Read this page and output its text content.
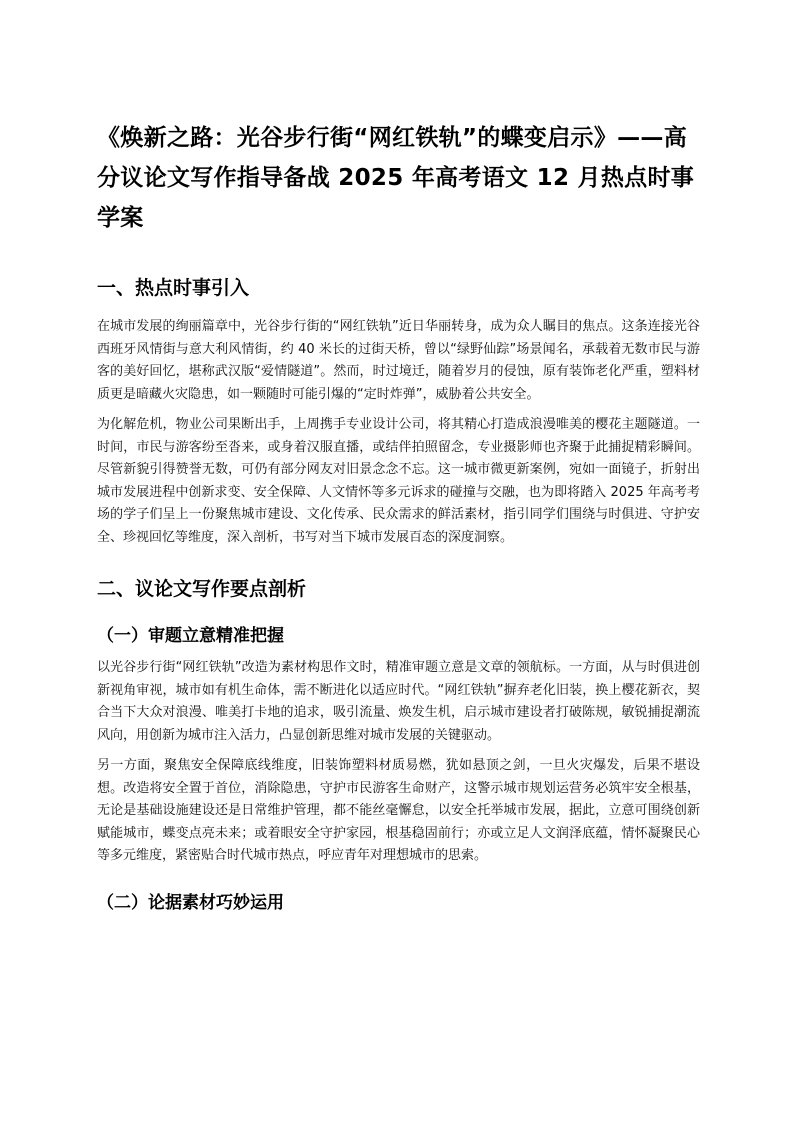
《焕新之路：光谷步行街“网红铁轨”的蝶变启示》——高分议论文写作指导备战 2025 年高考语文 12 月热点时事 学案
一、热点时事引入

在城市发展的绚丽篇章中，光谷步行街的“网红铁轨”近日华丽转身，成为众人瞩目的焦点。这条连接光谷西班牙风情街与意大利风情街，约 40 米长的过街天桥，曾以“绿野仙踪”场景闻名，承载着无数市民与游客的美好回忆，堪称武汉版“爱情隧道”。然而，时过境迁，随着岁月的侵蚀，原有装饰老化严重，塑料材质更是暗藏火灾隐患，如一颗随时可能引爆的“定时炸弹”，威胁着公共安全。

为化解危机，物业公司果断出手，上周携手专业设计公司，将其精心打造成浪漫唯美的樱花主题隧道。一时间，市民与游客纷至沓来，或身着汉服直播，或结伴拍照留念，专业摄影师也齐聚于此捕捉精彩瞬间。尽管新貌引得赞誉无数，可仍有部分网友对旧景念念不忘。这一城市微更新案例，宛如一面镜子，折射出城市发展进程中创新求变、安全保障、人文情怀等多元诉求的碰撞与交融，也为即将踏入 2025 年高考考场的学子们呈上一份聚焦城市建设、文化传承、民众需求的鲜活素材，指引同学们围绕与时俱进、守护安全、珍视回忆等维度，深入剖析，书写对当下城市发展百态的深度洞察。

二、议论文写作要点剖析
（一）审题立意精准把握

以光谷步行街“网红铁轨”改造为素材构思作文时，精准审题立意是文章的领航标。一方面，从与时俱进创新视角审视，城市如有机生命体，需不断进化以适应时代。“网红铁轨”摒弃老化旧装，换上樱花新衣，契合当下大众对浪漫、唯美打卡地的追求，吸引流量、焕发生机，启示城市建设者打破陈规，敏锐捕捉潮流风向，用创新为城市注入活力，凸显创新思维对城市发展的关键驱动。

另一方面，聚焦安全保障底线维度，旧装饰塑料材质易燃，犹如悬顶之剑，一旦火灾爆发，后果不堪设想。改造将安全置于首位，消除隐患，守护市民游客生命财产，这警示城市规划运营务必筑牢安全根基，无论是基础设施建设还是日常维护管理，都不能丝毫懈怠，以安全托举城市发展，据此，立意可围绕创新赋能城市，蝶变点亮未来；或着眼安全守护家园，根基稳固前行；亦或立足人文润泽底蕴，情怀凝聚民心等多元维度，紧密贴合时代城市热点，呼应青年对理想城市的思索。

（二）论据素材巧妙运用
